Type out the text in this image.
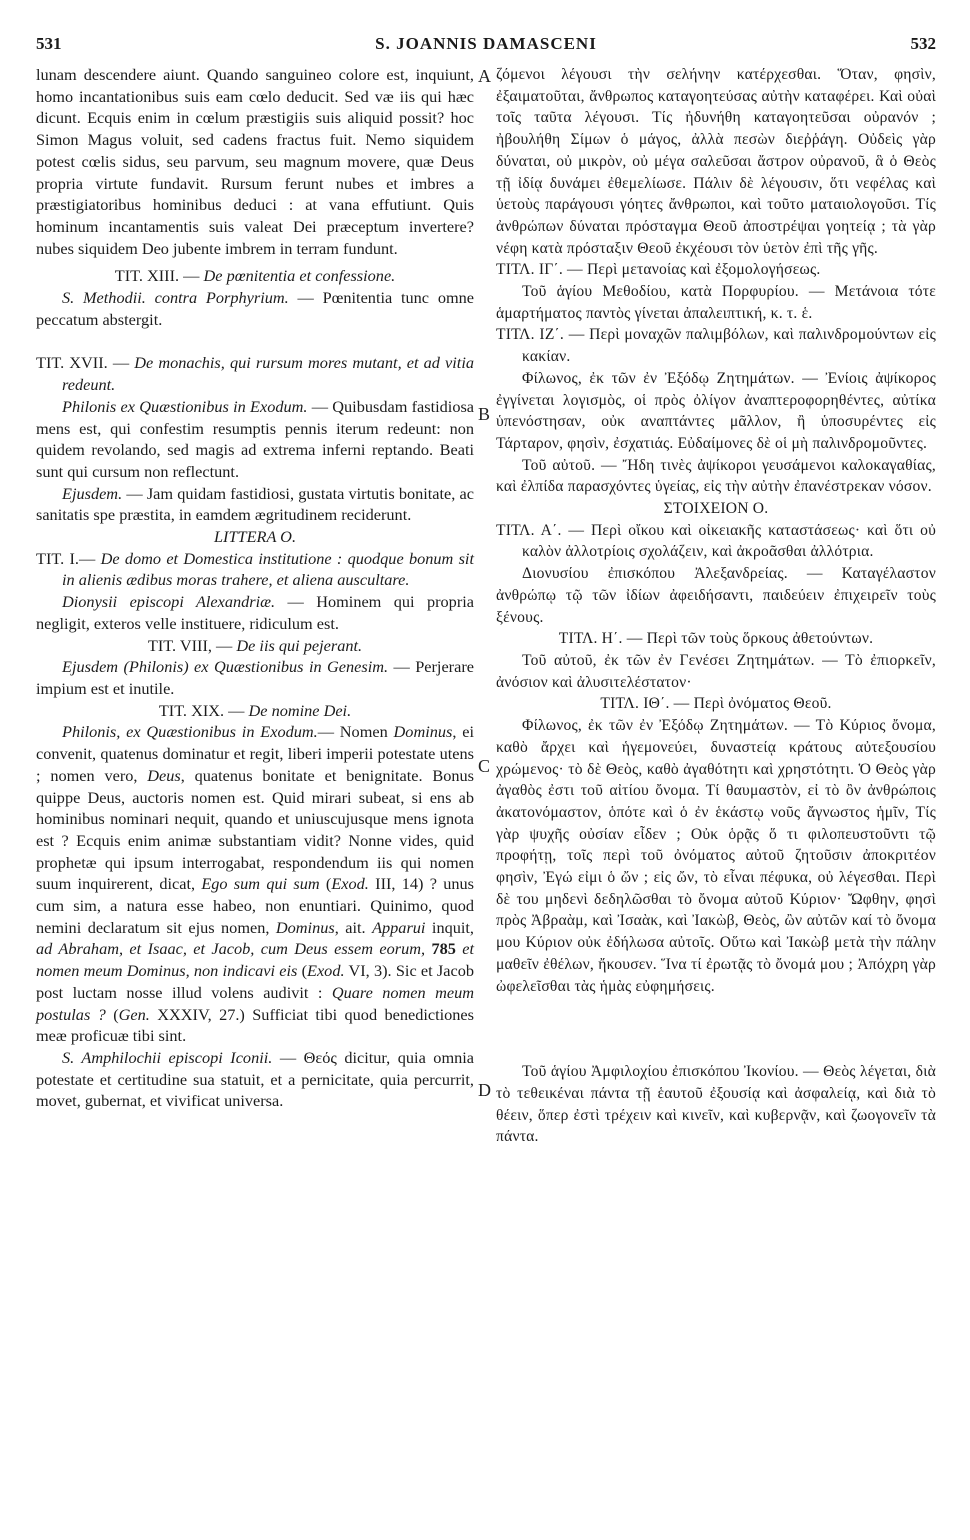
531	S. JOANNIS DAMASCENI	532
A
B
C
D

lunam descendere aiunt. Quando sanguineo colore est, inquiunt, homo incantationibus suis eam cœlo deducit. Sed væ iis qui hæc dicunt. Ecquis enim in cœlum præstigiis suis aliquid possit? hoc Simon Magus voluit, sed cadens fractus fuit. Nemo siquidem potest cœlis sidus, seu parvum, seu magnum movere, quæ Deus propria virtute fundavit. Rursum ferunt nubes et imbres a præstigiatoribus hominibus deduci : at vana effutiunt. Quis hominum incantamentis suis valeat Dei præceptum invertere? nubes siquidem Deo jubente imbrem in terram fundunt.

TIT. XIII. — De pœnitentia et confessione.

S. Methodii. contra Porphyrium. — Pœnitentia tunc omne peccatum abstergit.

TIT. XVII. — De monachis, qui rursum mores mutant, et ad vitia redeunt.

Philonis ex Quæstionibus in Exodum. — Quibusdam fastidiosa mens est, qui confestim resumptis pennis iterum redeunt: non quidem revolando, sed magis ad extrema inferni reptando. Beati sunt qui cursum non reflectunt.

Ejusdem. — Jam quidam fastidiosi, gustata virtutis bonitate, ac sanitatis spe præstita, in eamdem ægritudinem reciderunt.

LITTERA O.

TIT. I.— De domo et Domestica institutione : quodque bonum sit in alienis ædibus moras trahere, et aliena auscultare.

Dionysii episcopi Alexandriæ. — Hominem qui propria negligit, exteros velle instituere, ridiculum est.

TIT. VIII, — De iis qui pejerant.

Ejusdem (Philonis) ex Quæstionibus in Genesim. — Perjerare impium est et inutile.

TIT. XIX. — De nomine Dei.

Philonis, ex Quæstionibus in Exodum.— Nomen Dominus, ei convenit, quatenus dominatur et regit, liberi imperii potestate utens ; nomen vero, Deus, quatenus bonitate et benignitate. Bonus quippe Deus, auctoris nomen est. Quid mirari subeat, si ens ab hominibus nominari nequit, quando et uniuscujusque mens ignota est ? Ecquis enim animæ substantiam vidit? Nonne vides, quid prophetæ qui ipsum interrogabat, respondendum iis qui nomen suum inquirerent, dicat, Ego sum qui sum (Exod. III, 14) ? unus cum sim, a natura esse habeo, non enuntiari. Quinimo, quod nemini declaratum sit ejus nomen, Dominus, ait. Apparui inquit, ad Abraham, et Isaac, et Jacob, cum Deus essem eorum, 785 et nomen meum Dominus, non indicavi eis (Exod. VI, 3). Sic et Jacob post luctam nosse illud volens audivit : Quare nomen meum postulas ? (Gen. XXXIV, 27.) Sufficiat tibi quod benedictiones meæ proficuæ tibi sint.

S. Amphilochii episcopi Iconii. — Θεός dicitur, quia omnia potestate et certitudine sua statuit, et a pernicitate, quia percurrit, movet, gubernat, et vivificat universa.

ζόμενοι λέγουσι τὴν σελήνην κατέρχεσθαι. Ὅταν, φησὶν, ἐξαιματοῦται, ἄνθρωπος καταγοητεύσας αὐτὴν καταφέρει. Καὶ οὐαὶ τοῖς ταῦτα λέγουσι. Τίς ἠδυνήθη καταγοητεῦσαι οὐρανόν ; ἠβουλήθη Σίμων ὁ μάγος, ἀλλὰ πεσὼν διεῤῥάγη. Οὐδεὶς γὰρ δύναται, οὐ μικρὸν, οὐ μέγα σαλεῦσαι ἄστρον οὐρανοῦ, ἃ ὁ Θεὸς τῇ ἰδίᾳ δυνάμει ἐθεμελίωσε. Πάλιν δὲ λέγουσιν, ὅτι νεφέλας καὶ ὑετοὺς παράγουσι γόητες ἄνθρωποι, καὶ τοῦτο ματαιολογοῦσι. Τίς ἀνθρώπων δύναται πρόσταγμα Θεοῦ ἀποστρέψαι γοητείᾳ ; τὰ γὰρ νέφη κατὰ πρόσταξιν Θεοῦ ἐκχέουσι τὸν ὑετὸν ἐπὶ τῆς γῆς.

ΤΙΤΛ. ΙΓ΄. — Περὶ μετανοίας καὶ ἐξομολογήσεως.

Τοῦ ἁγίου Μεθοδίου, κατὰ Πορφυρίου. — Μετάνοια τότε ἁμαρτήματος παντὸς γίνεται ἀπαλειπτική, κ. τ. ἑ.

ΤΙΤΛ. ΙΖ΄. — Περὶ μοναχῶν παλιμβόλων, καὶ παλινδρομούντων εἰς κακίαν.

Φίλωνος, ἐκ τῶν ἐν Ἐξόδῳ Ζητημάτων. — Ἐνίοις ἀψίκορος ἐγγίνεται λογισμὸς, οἱ πρὸς ὀλίγον ἀναπτεροφορηθέντες, αὐτίκα ὑπενόστησαν, οὐκ αναπτάντες μᾶλλον, ἢ ὑποσυρέντες εἰς Τάρταρον, φησὶν, ἐσχατιάς. Εὐδαίμονες δὲ οἱ μὴ παλινδρομοῦντες.

Τοῦ αὐτοῦ. — Ἤδη τινὲς ἀψίκοροι γευσάμενοι καλοκαγαθίας, καὶ ἐλπίδα παρασχόντες ὑγείας, εἰς τὴν αὐτὴν ἐπανέστρεκαν νόσον.

ΣΤΟΙΧΕΙΟΝ Ο.

ΤΙΤΛ. Α΄. — Περὶ οἴκου καὶ οἰκειακῆς καταστάσεως· καὶ ὅτι οὐ καλὸν ἀλλοτρίοις σχολάζειν, καὶ ἀκροᾶσθαι ἀλλότρια.

Διονυσίου ἐπισκόπου Ἀλεξανδρείας. — Καταγέλαστον ἀνθρώπῳ τῷ τῶν ἰδίων ἀφειδήσαντι, παιδεύειν ἐπιχειρεῖν τοὺς ξένους.

ΤΙΤΛ. Η΄. — Περὶ τῶν τοὺς ὅρκους ἀθετούντων.

Τοῦ αὐτοῦ, ἐκ τῶν ἐν Γενέσει Ζητημάτων. — Τὸ ἐπιορκεῖν, ἀνόσιον καὶ ἀλυσιτελέστατον·

ΤΙΤΛ. ΙΘ΄. — Περὶ ὀνόματος Θεοῦ.

Φίλωνος, ἐκ τῶν ἐν Ἐξόδῳ Ζητημάτων. — Τὸ Κύριος ὄνομα, καθὸ ἄρχει καὶ ἡγεμονεύει, δυναστείᾳ κράτους αὐτεξουσίου χρώμενος· τὸ δὲ Θεὸς, καθὸ ἀγαθότητι καὶ χρηστότητι. Ὁ Θεὸς γὰρ ἀγαθὸς ἐστι τοῦ αἰτίου ὄνομα. Τί θαυμαστὸν, εἰ τὸ ὂν ἀνθρώποις ἀκατονόμαστον, ὁπότε καὶ ὁ ἐν ἑκάστῳ νοῦς ἄγνωστος ἡμῖν, Τίς γὰρ ψυχῆς οὐσίαν εἶδεν ; Οὐκ ὁρᾷς ὅ τι φιλοπευστοῦντι τῷ προφήτῃ, τοῖς περὶ τοῦ ὀνόματος αὐτοῦ ζητοῦσιν ἀποκριτέον φησὶν, Ἐγώ εἰμι ὁ ὤν ; εἰς ὤν, τὸ εἶναι πέφυκα, οὐ λέγεσθαι. Περὶ δὲ του μηδενὶ δεδηλῶσθαι τὸ ὄνομα αὐτοῦ Κύριον· Ὤφθην, φησὶ πρὸς Ἀβραὰμ, καὶ Ἰσαὰκ, καὶ Ἰακὼβ, Θεὸς, ὢν αὐτῶν καί τὸ ὄνομα μου Κύριον οὐκ ἐδήλωσα αὐτοῖς. Οὕτω καὶ Ἰακὼβ μετὰ τὴν πάλην μαθεῖν ἐθέλων, ἤκουσεν. Ἵνα τί ἐρωτᾷς τὸ ὄνομά μου ; Ἀπόχρη γὰρ ὠφελεῖσθαι τὰς ἡμὰς εὐφημήσεις.

Τοῦ ἁγίου Ἀμφιλοχίου ἐπισκόπου Ἰκονίου. — Θεὸς λέγεται, διὰ τὸ τεθεικέναι πάντα τῇ ἑαυτοῦ ἐξουσίᾳ καὶ ἀσφαλείᾳ, καὶ διὰ τὸ θέειν, ὅπερ ἐστὶ τρέχειν καὶ κινεῖν, καὶ κυβερνᾷν, καὶ ζωογονεῖν τὰ πάντα.
